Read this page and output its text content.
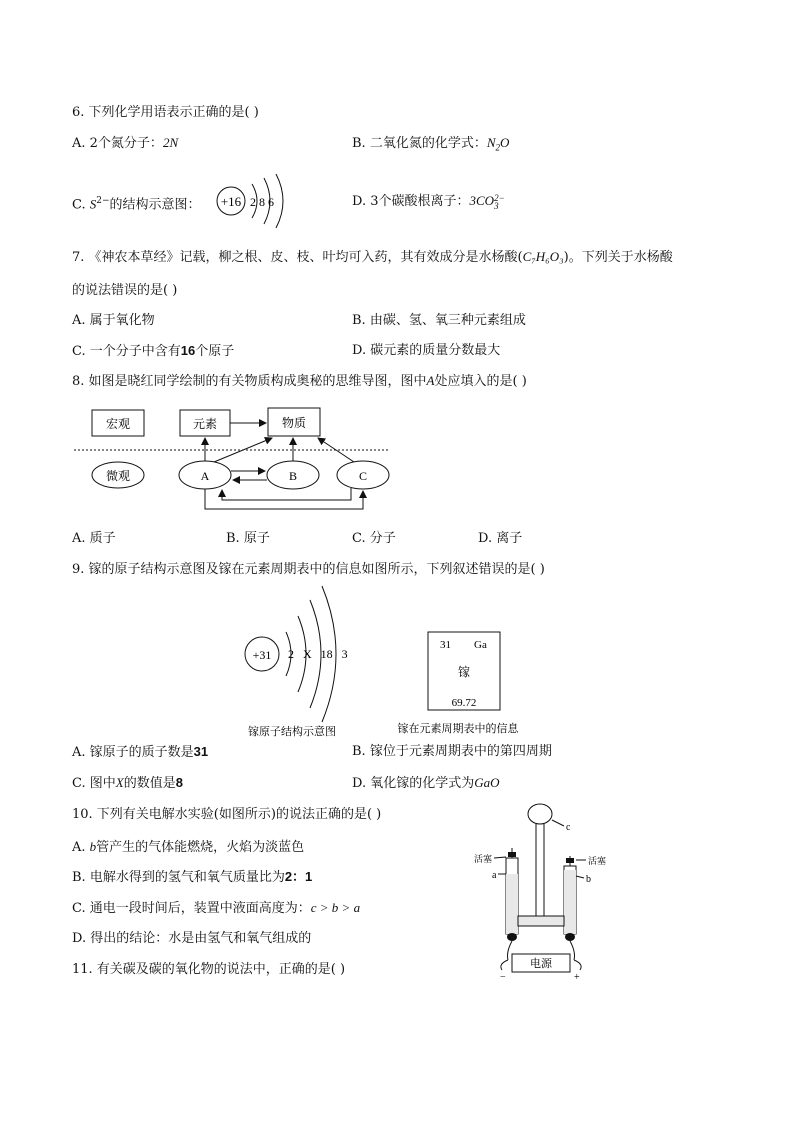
6. 下列化学用语表示正确的是( )
A. 2个氮分子：2N	B. 二氧化氮的化学式：$N_2O$
C. $S^{2-}$的结构示意图： +16 2 8 6	D. 3个碳酸根离子：3CO 2−
3
7. 《神农本草经》记载，柳之根、皮、枝、叶均可入药，其有效成分是水杨酸(C₇H₆O₃)。下列关于水杨酸
的说法错误的是( )
A. 属于氧化物	B. 由碳、氢、氧三种元素组成
C. 一个分子中含有16个原子	D. 碳元素的质量分数最大
8. 如图是晓红同学绘制的有关物质构成奥秘的思维导图，图中A处应填入的是( )
宏观	元素	物质
微观	A	B	C
A. 质子	B. 原子	C. 分子	D. 离子
9. 镓的原子结构示意图及镓在元素周期表中的信息如图所示，下列叙述错误的是( )
+31 2   X   18   3
镓原子结构示意图
31 Ga
镓
69.72
镓在元素周期表中的信息
A. 镓原子的质子数是31	B. 镓位于元素周期表中的第四周期
C. 图中X的数值是8	D. 氧化镓的化学式为GaO
10. 下列有关电解水实验(如图所示)的说法正确的是( )
A. b管产生的气体能燃烧，火焰为淡蓝色
B. 电解水得到的氢气和氧气质量比为2：1
C. 通电一段时间后，装置中液面高度为：c > b > a
D. 得出的结论：水是由氢气和氧气组成的
c
活塞
a
活塞
b
电源
−	+
11. 有关碳及碳的氧化物的说法中，正确的是( )
